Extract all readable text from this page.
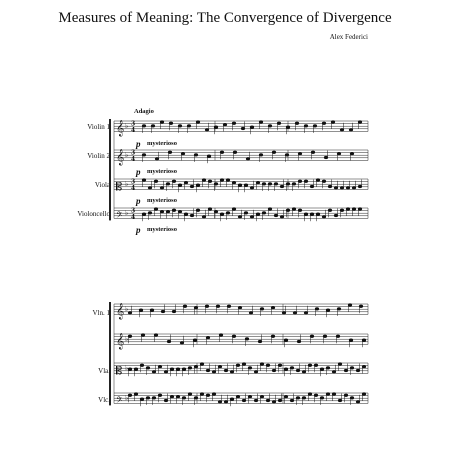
Measures of Meaning: The Convergence of Divergence
Alex Federici
Adagio
Violin 1
Violin 2
Viola
Violoncello
p mysterioso
p mysterioso
p mysterioso
p mysterioso
Vln. 1
Vla.
Vlc.
𝄞 ♭ 3
4
𝄞 ♭ 3
4
𝄡 ♭ 3
4
𝄢 ♭ 3
4
𝄞 ♭
𝄞 ♭
𝄡 ♭
𝄢 ♭
